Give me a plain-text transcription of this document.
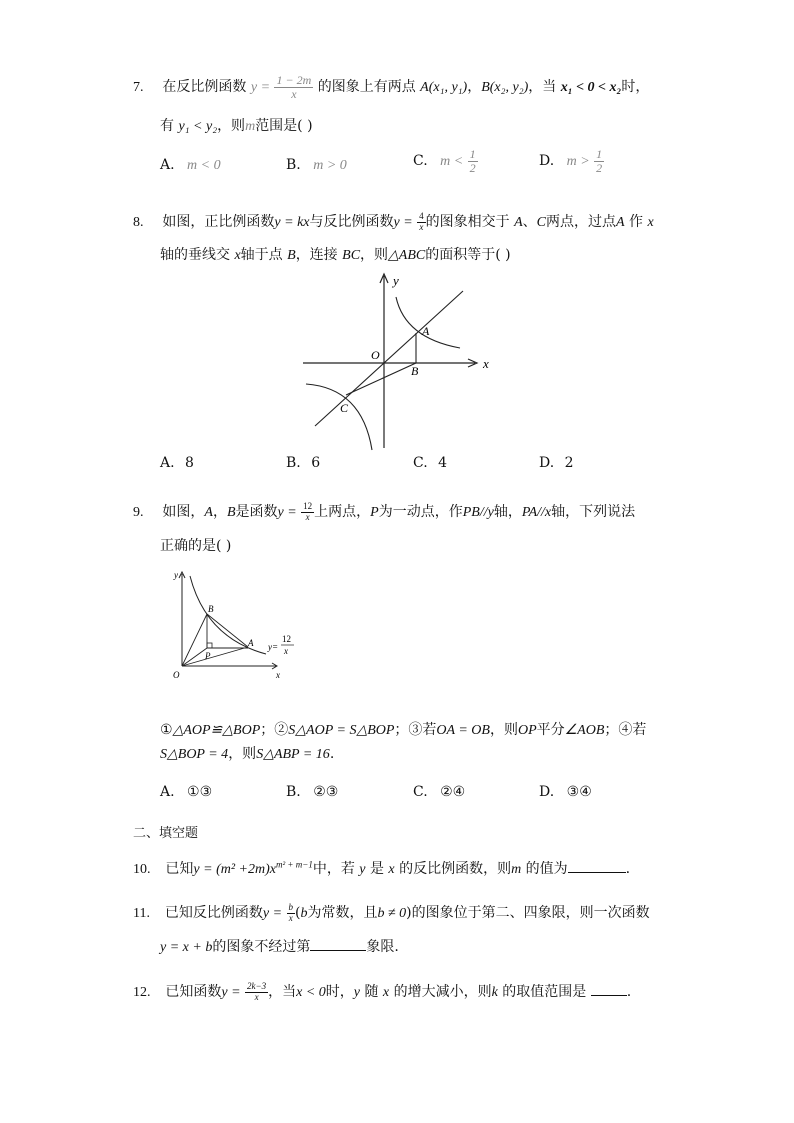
7. 在反比例函数 $y = \frac{1 - 2m}{x}$ 的图象上有两点 A(x₁, y₁)，B(x₂, y₂)，当 x₁ < 0 < x₂时，
有 y₁ < y₂，则m范围是( )
A. m < 0	B. m > 0	C. $m < \frac{1}{2}$	D. $m > \frac{1}{2}$
8. 如图，正比例函数y = kx与反比例函数$y = \frac{4}{x}$ 的图象相交于 A、C两点，过点A 作 x
轴的垂线交 x轴于点 B，连接 BC，则△ABC的面积等于( )
y
x
O
A
B
C
A. 8	B. 6	C. 4	D. 2
9. 如图，A，B是函数$y = \frac{12}{x}$ 上两点，P为一动点，作PB//y轴，PA//x轴，下列说法
正确的是( )
y
x
O
B
A
P
y=
12
x
①△AOP≌△BOP；②S△AOP = S△BOP；③若OA = OB，则OP平分∠AOB；④若
S△BOP = 4，则S△ABP = 16.
A. ①③	B. ②③	C. ②④	D. ③④
二、填空题
10. 已知$y = (m^2 +2m)x^{m^2 + m-1}$中，若 y 是 x 的反比例函数，则m 的值为	.
11. 已知反比例函数$y = \frac{b}{x} (b$为常数，且b ≠ 0)的图象位于第二、四象限，则一次函数
y = x + b的图象不经过第	象限.
12. 已知函数$y = \frac{2k-3}{x}$ ，当x < 0时，y 随 x 的增大减小，则k 的取值范围是	.
